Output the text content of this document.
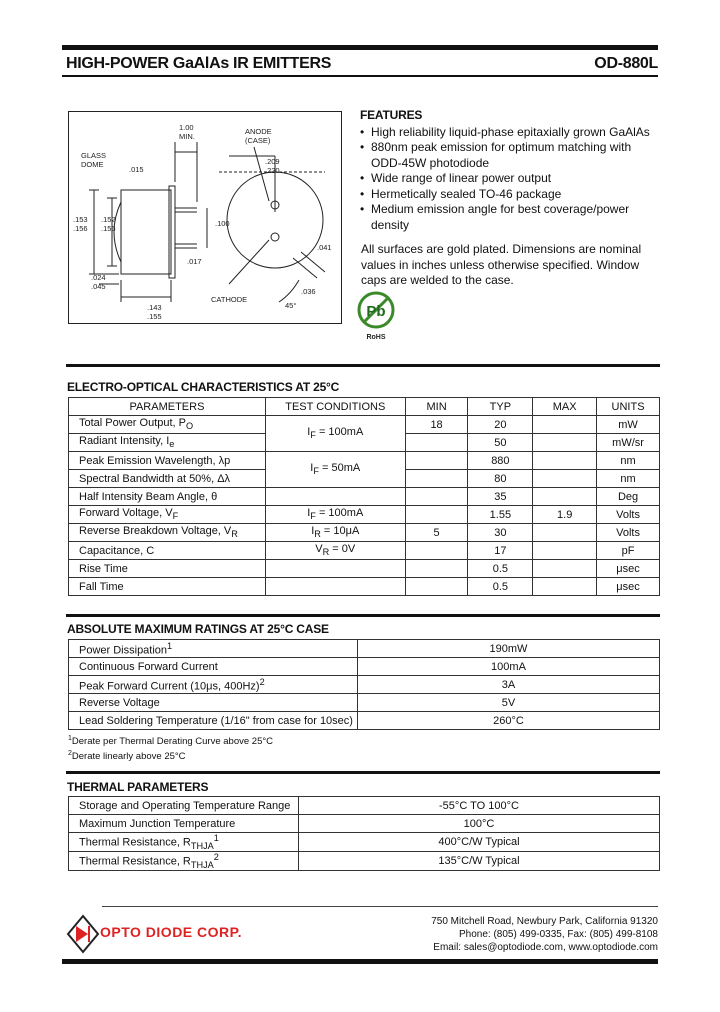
HIGH-POWER GaAlAs IR EMITTERS	OD-880L
GLASS
DOME
.015
1.00
MIN.
ANODE
(CASE)
.209
.220
.153
.156
.152
.156
.100
.017
.041
.036
.024
.045
.143
.155
CATHODE
45°
FEATURES
• High reliability liquid-phase epitaxially grown GaAlAs
• 880nm peak emission for optimum matching with ODD-45W photodiode
• Wide range of linear power output
• Hermetically sealed TO-46 package
• Medium emission angle for best coverage/power density
All surfaces are gold plated. Dimensions are nominal values in inches unless otherwise specified. Window caps are welded to the case.
Pb
RoHS
ELECTRO-OPTICAL CHARACTERISTICS AT 25°C
PARAMETERS	TEST CONDITIONS	MIN	TYP	MAX	UNITS
Total Power Output, $P_O$	$I_F = 100mA$	18	20		mW
Radiant Intensity, $I_e$			50		mW/sr
Peak Emission Wavelength, λp	$I_F = 50mA$		880		nm
Spectral Bandwidth at 50%, Δλ			80		nm
Half Intensity Beam Angle, θ			35		Deg
Forward Voltage, $V_F$	$I_F = 100mA$		1.55	1.9	Volts
Reverse Breakdown Voltage, $V_R$	$I_R = 10\mu A$	5	30		Volts
Capacitance, C	$V_R = 0V$		17		pF
Rise Time			0.5		μsec
Fall Time			0.5		μsec
ABSOLUTE MAXIMUM RATINGS AT 25°C CASE
Power Dissipation$^1$	190mW
Continuous Forward Current	100mA
Peak Forward Current (10μs, 400Hz)$^2$	3A
Reverse Voltage	5V
Lead Soldering Temperature (1/16" from case for 10sec)	260°C
$^1$Derate per Thermal Derating Curve above 25°C
$^2$Derate linearly above 25°C
THERMAL PARAMETERS
Storage and Operating Temperature Range	-55°C TO 100°C
Maximum Junction Temperature	100°C
Thermal Resistance, $R_{THJA}^1$	400°C/W Typical
Thermal Resistance, $R_{THJA}^2$	135°C/W Typical
OPTO DIODE CORP.
750 Mitchell Road, Newbury Park, California 91320
Phone: (805) 499-0335, Fax: (805) 499-8108
Email: sales@optodiode.com, www.optodiode.com
